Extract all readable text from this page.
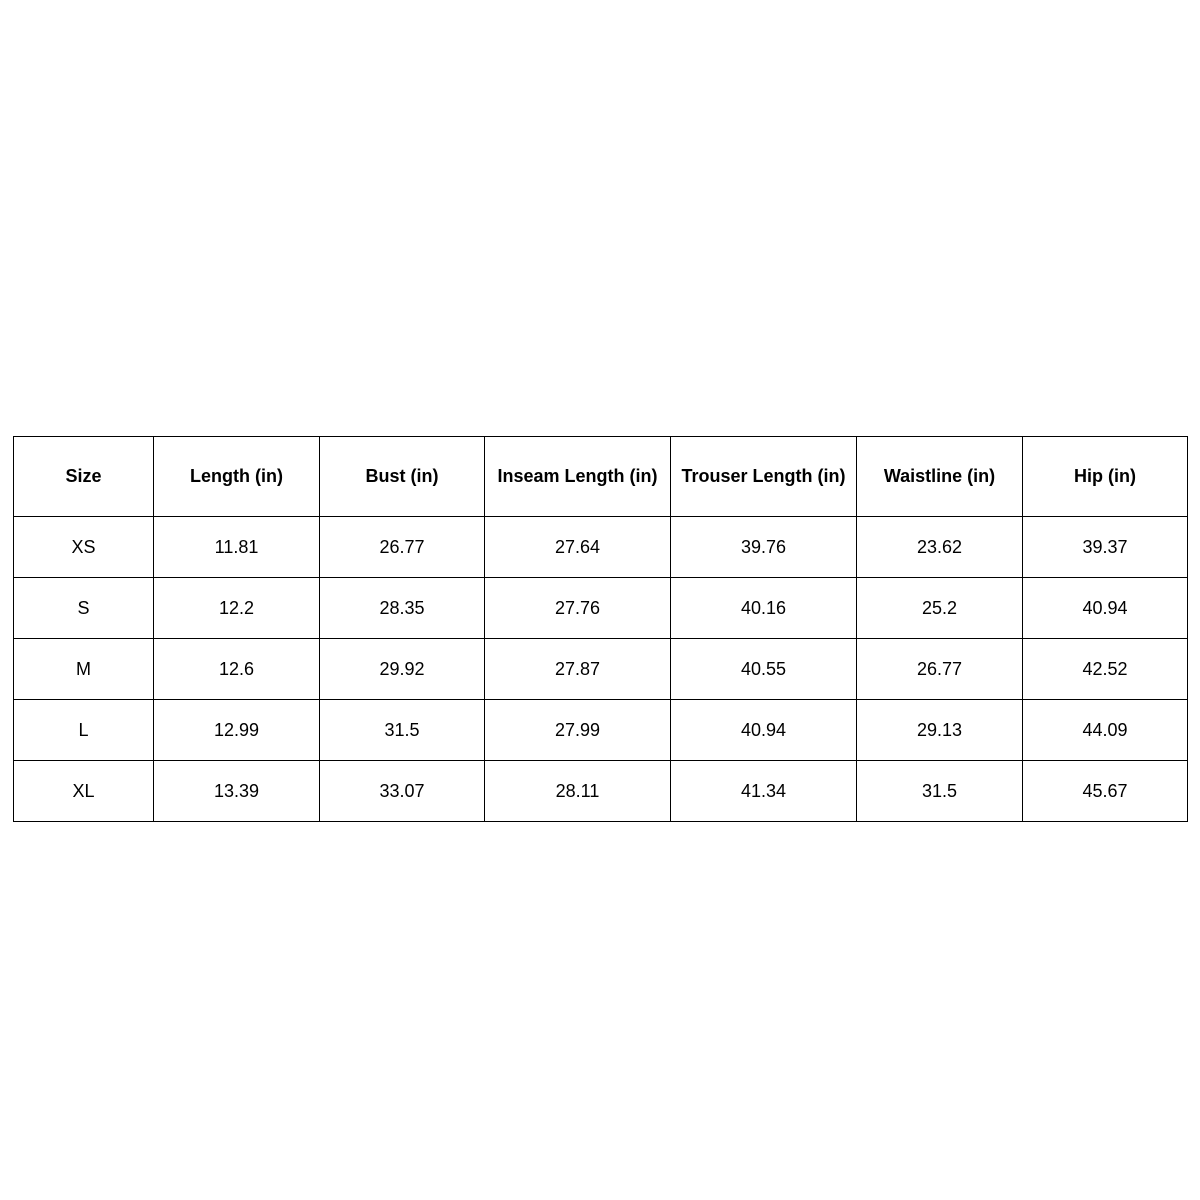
Size	Length (in)	Bust (in)	Inseam Length (in)	Trouser Length (in)	Waistline (in)	Hip (in)
XS	11.81	26.77	27.64	39.76	23.62	39.37
S	12.2	28.35	27.76	40.16	25.2	40.94
M	12.6	29.92	27.87	40.55	26.77	42.52
L	12.99	31.5	27.99	40.94	29.13	44.09
XL	13.39	33.07	28.11	41.34	31.5	45.67
